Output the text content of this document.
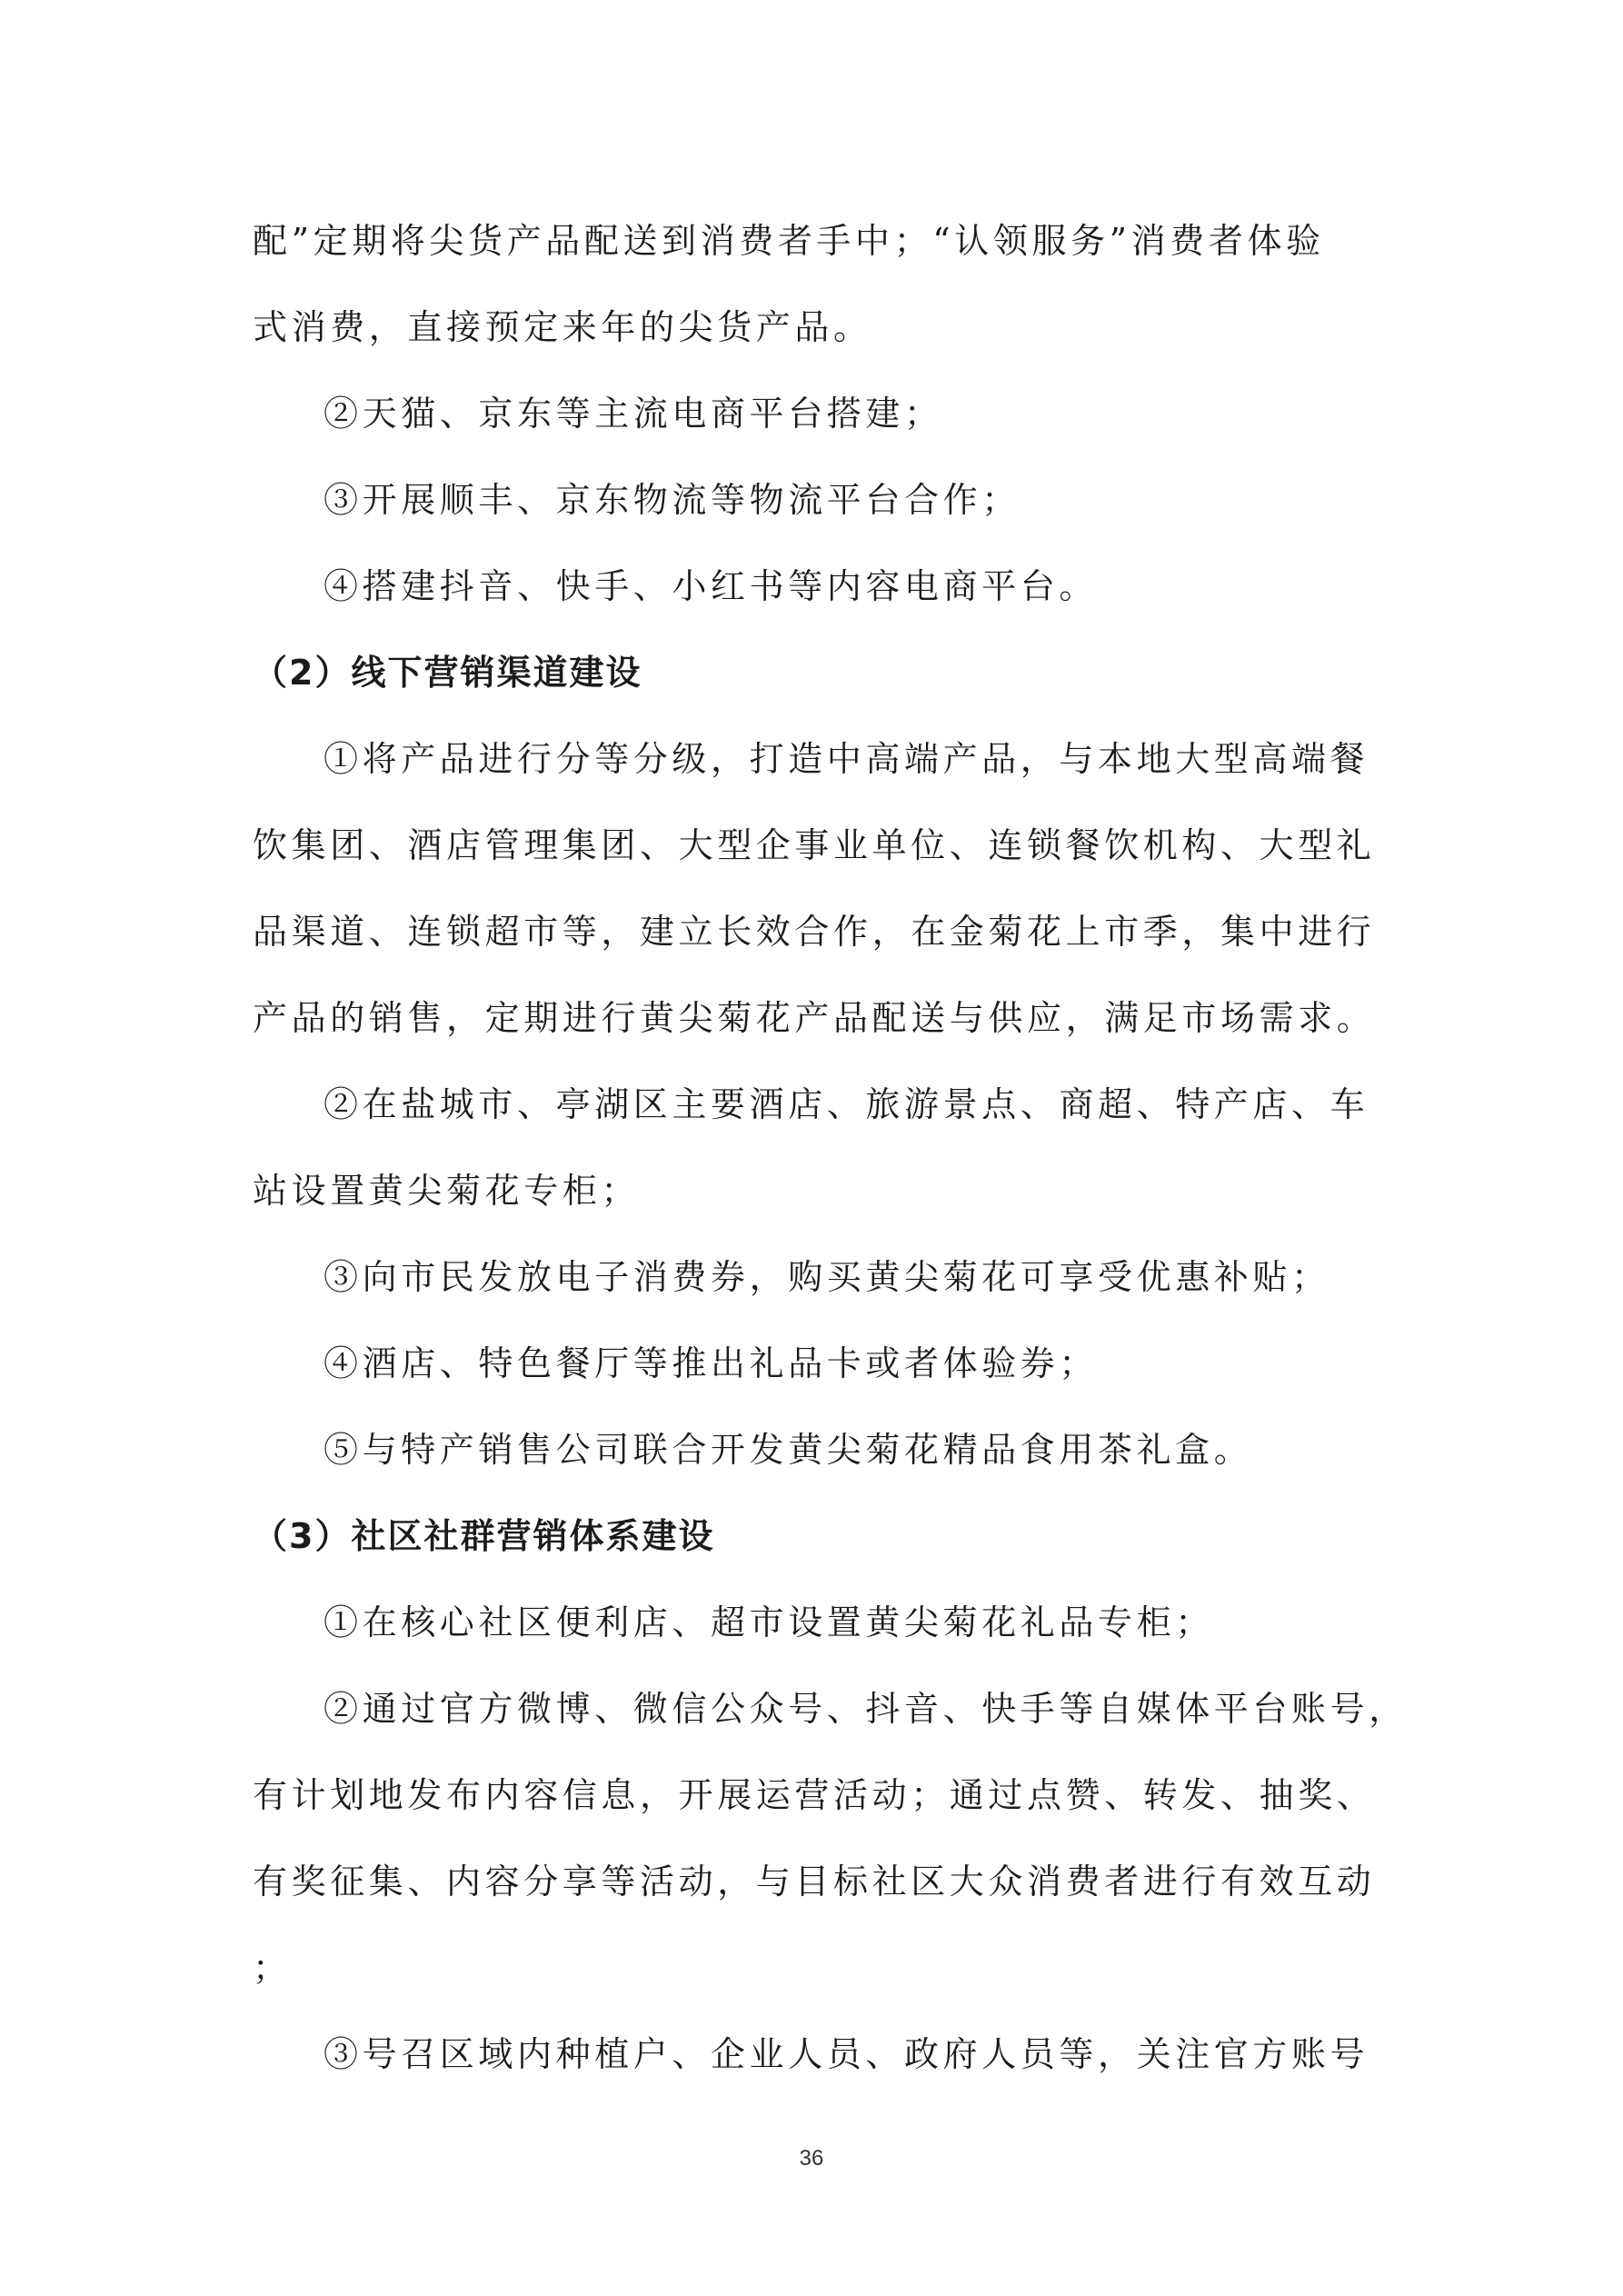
配”定期将尖货产品配送到消费者手中；“认领服务”消费者体验
式消费，直接预定来年的尖货产品。
②天猫、京东等主流电商平台搭建；
③开展顺丰、京东物流等物流平台合作；
④搭建抖音、快手、小红书等内容电商平台。
（2）线下营销渠道建设
①将产品进行分等分级，打造中高端产品，与本地大型高端餐
饮集团、酒店管理集团、大型企事业单位、连锁餐饮机构、大型礼
品渠道、连锁超市等，建立长效合作，在金菊花上市季，集中进行
产品的销售，定期进行黄尖菊花产品配送与供应，满足市场需求。
②在盐城市、亭湖区主要酒店、旅游景点、商超、特产店、车
站设置黄尖菊花专柜；
③向市民发放电子消费券，购买黄尖菊花可享受优惠补贴；
④酒店、特色餐厅等推出礼品卡或者体验券；
⑤与特产销售公司联合开发黄尖菊花精品食用茶礼盒。
（3）社区社群营销体系建设
①在核心社区便利店、超市设置黄尖菊花礼品专柜；
②通过官方微博、微信公众号、抖音、快手等自媒体平台账号，
有计划地发布内容信息，开展运营活动；通过点赞、转发、抽奖、
有奖征集、内容分享等活动，与目标社区大众消费者进行有效互动
；
③号召区域内种植户、企业人员、政府人员等，关注官方账号
36
